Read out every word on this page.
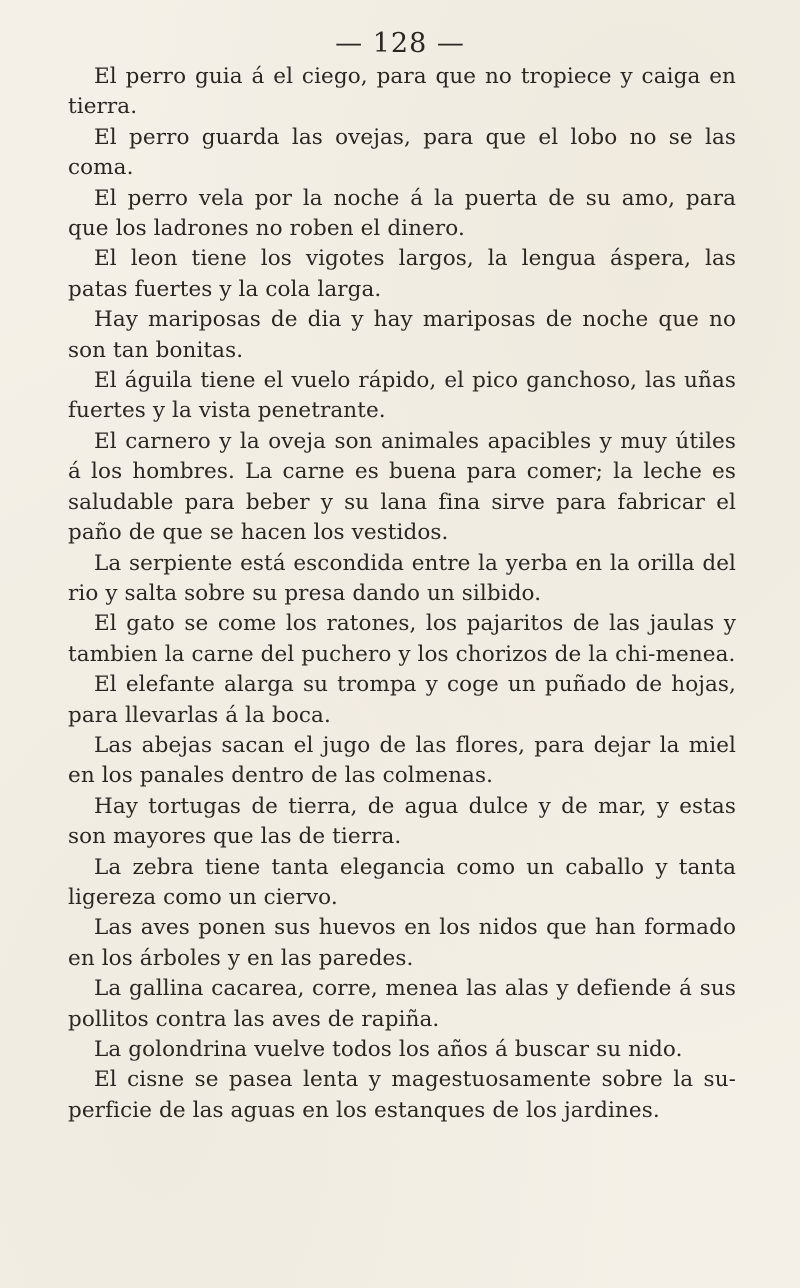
— 128 —

El perro guia á el ciego, para que no tropiece y caiga en tierra.

El perro guarda las ovejas, para que el lobo no se las coma.

El perro vela por la noche á la puerta de su amo, para que los ladrones no roben el dinero.

El leon tiene los vigotes largos, la lengua áspera, las patas fuertes y la cola larga.

Hay mariposas de dia y hay mariposas de noche que no son tan bonitas.

El águila tiene el vuelo rápido, el pico ganchoso, las uñas fuertes y la vista penetrante.

El carnero y la oveja son animales apacibles y muy útiles á los hombres. La carne es buena para comer; la leche es saludable para beber y su lana fina sirve para fabricar el paño de que se hacen los vestidos.

La serpiente está escondida entre la yerba en la orilla del rio y salta sobre su presa dando un silbido.

El gato se come los ratones, los pajaritos de las jaulas y tambien la carne del puchero y los chorizos de la chi-menea.

El elefante alarga su trompa y coge un puñado de hojas, para llevarlas á la boca.

Las abejas sacan el jugo de las flores, para dejar la miel en los panales dentro de las colmenas.

Hay tortugas de tierra, de agua dulce y de mar, y estas son mayores que las de tierra.

La zebra tiene tanta elegancia como un caballo y tanta ligereza como un ciervo.

Las aves ponen sus huevos en los nidos que han formado en los árboles y en las paredes.

La gallina cacarea, corre, menea las alas y defiende á sus pollitos contra las aves de rapiña.

La golondrina vuelve todos los años á buscar su nido.

El cisne se pasea lenta y magestuosamente sobre la su-perficie de las aguas en los estanques de los jardines.
